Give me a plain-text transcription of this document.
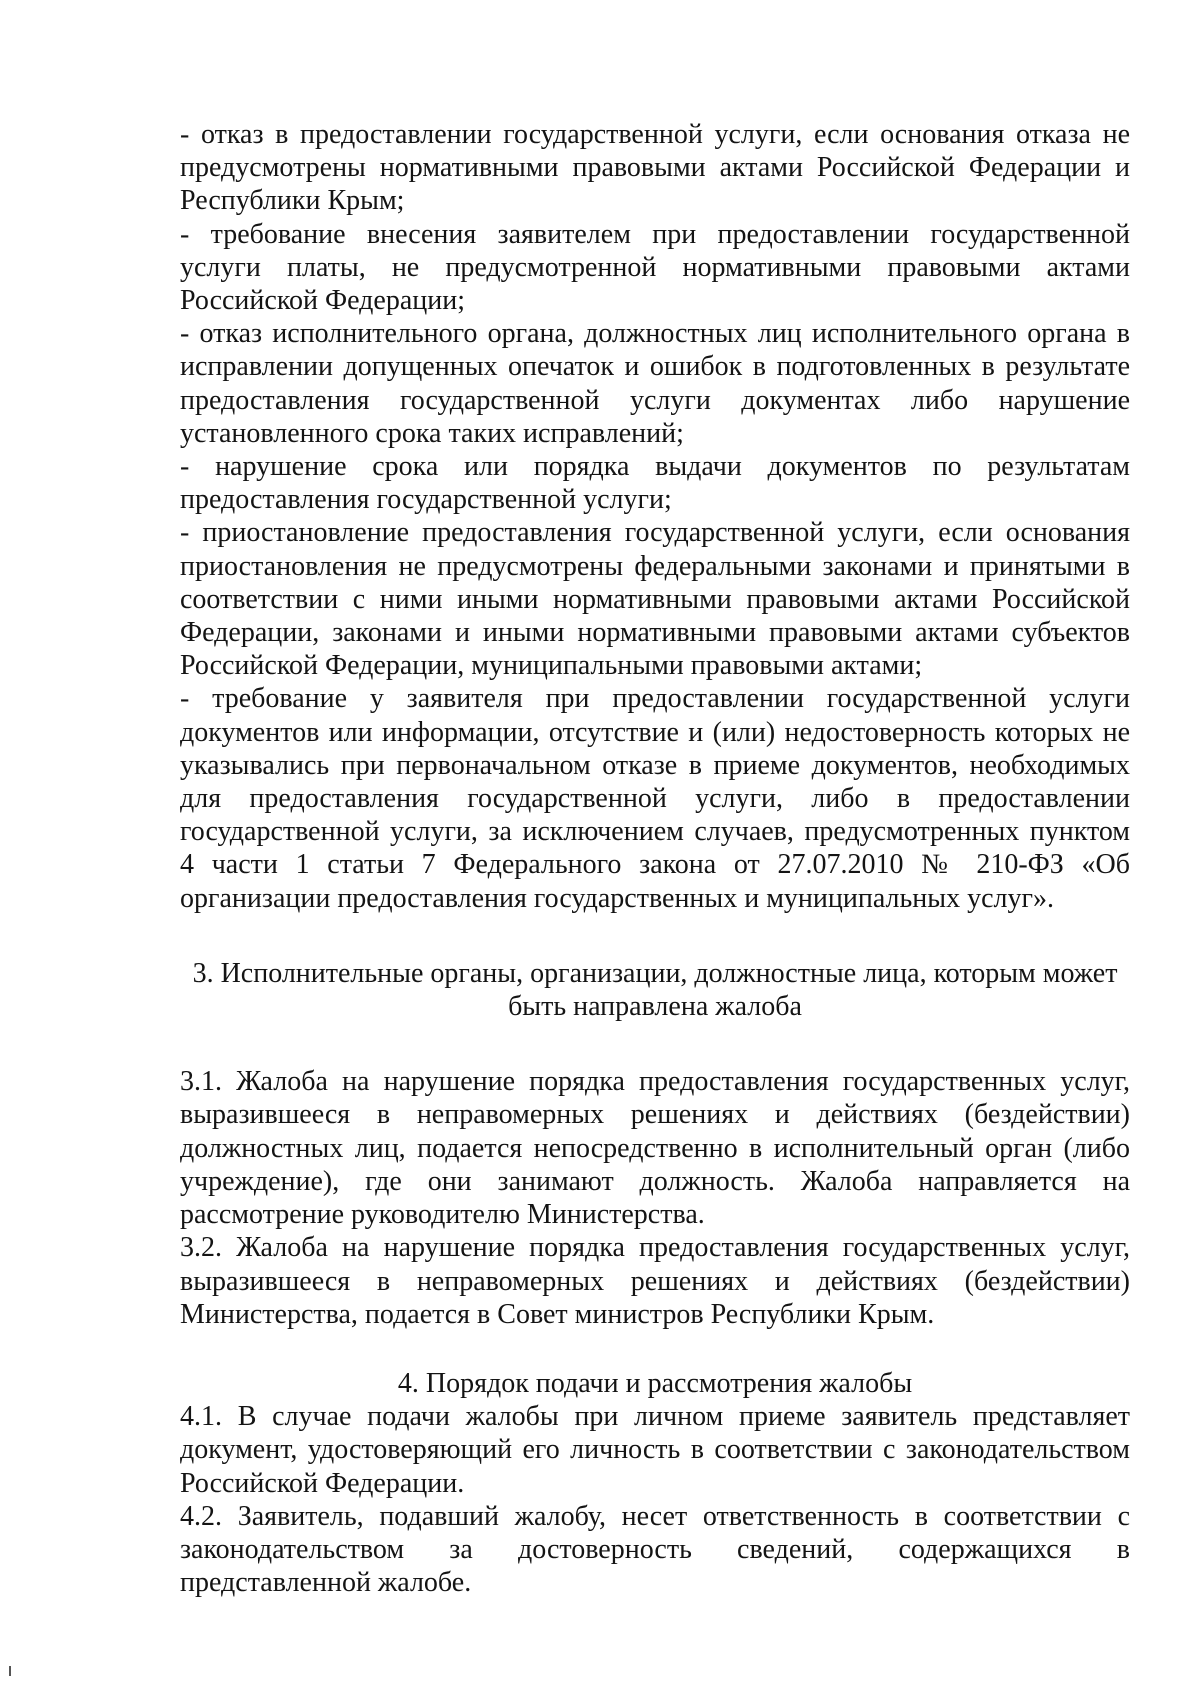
- отказ в предоставлении государственной услуги, если основания отказа не предусмотрены нормативными правовыми актами Российской Федерации и Республики Крым;

- требование внесения заявителем при предоставлении государственной услуги платы, не предусмотренной нормативными правовыми актами Российской Федерации;

- отказ исполнительного органа, должностных лиц исполнительного органа в исправлении допущенных опечаток и ошибок в подготовленных в результате предоставления государственной услуги документах либо нарушение установленного срока таких исправлений;

- нарушение срока или порядка выдачи документов по результатам предоставления государственной услуги;

- приостановление предоставления государственной услуги, если основания приостановления не предусмотрены федеральными законами и принятыми в соответствии с ними иными нормативными правовыми актами Российской Федерации, законами и иными нормативными правовыми актами субъектов Российской Федерации, муниципальными правовыми актами;

- требование у заявителя при предоставлении государственной услуги документов или информации, отсутствие и (или) недостоверность которых не указывались при первоначальном отказе в приеме документов, необходимых для предоставления государственной услуги, либо в предоставлении государственной услуги, за исключением случаев, предусмотренных пунктом 4 части 1 статьи 7 Федерального закона от 27.07.2010 № 210-ФЗ «Об организации предоставления государственных и муниципальных услуг».

3. Исполнительные органы, организации, должностные лица, которым может
быть направлена жалоба

3.1. Жалоба на нарушение порядка предоставления государственных услуг, выразившееся в неправомерных решениях и действиях (бездействии) должностных лиц, подается непосредственно в исполнительный орган (либо учреждение), где они занимают должность. Жалоба направляется на рассмотрение руководителю Министерства.

3.2. Жалоба на нарушение порядка предоставления государственных услуг, выразившееся в неправомерных решениях и действиях (бездействии) Министерства, подается в Совет министров Республики Крым.

4. Порядок подачи и рассмотрения жалобы

4.1. В случае подачи жалобы при личном приеме заявитель представляет документ, удостоверяющий его личность в соответствии с законодательством Российской Федерации.

4.2. Заявитель, подавший жалобу, несет ответственность в соответствии с законодательством за достоверность сведений, содержащихся в представленной жалобе.
